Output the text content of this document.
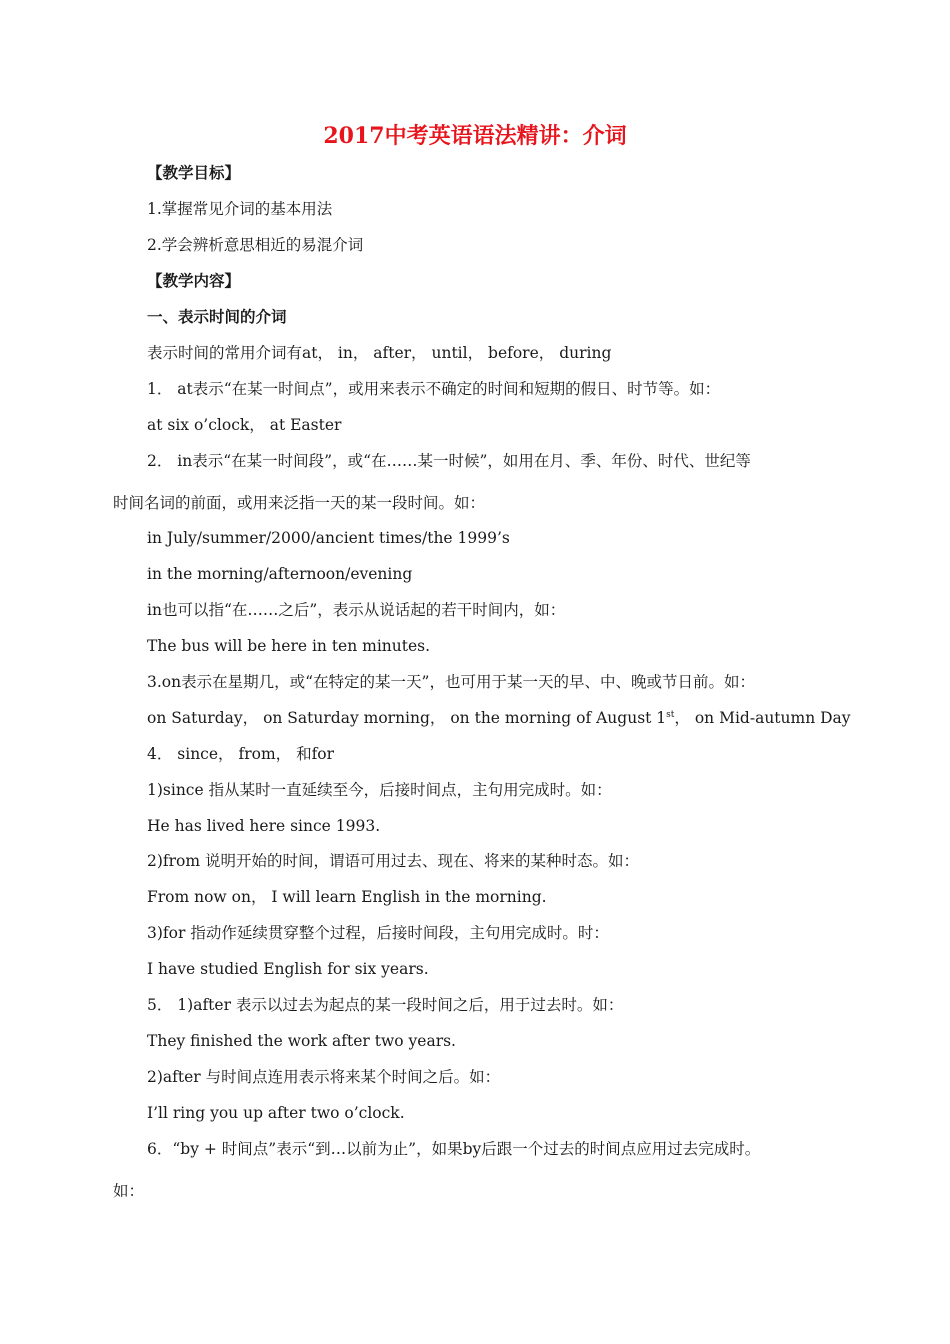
2017中考英语语法精讲：介词
【教学目标】
1.掌握常见介词的基本用法
2.学会辨析意思相近的易混介词
【教学内容】
一、表示时间的介词
表示时间的常用介词有at， in， after， until， before， during
1． at表示“在某一时间点”，或用来表示不确定的时间和短期的假日、时节等。如：
at six o’clock， at Easter
2． in表示“在某一时间段”，或“在……某一时候”，如用在月、季、年份、时代、世纪等
时间名词的前面，或用来泛指一天的某一段时间。如：
in July/summer/2000/ancient times/the 1999’s
in the morning/afternoon/evening
in也可以指“在……之后”，表示从说话起的若干时间内，如：
The bus will be here in ten minutes.
3.on表示在星期几，或“在特定的某一天”，也可用于某一天的早、中、晚或节日前。如：
on Saturday， on Saturday morning， on the morning of August 1st， on Mid-autumn Day
4． since， from， 和for
1)since 指从某时一直延续至今，后接时间点，主句用完成时。如：
He has lived here since 1993.
2)from 说明开始的时间，谓语可用过去、现在、将来的某种时态。如：
From now on， I will learn English in the morning.
3)for 指动作延续贯穿整个过程，后接时间段，主句用完成时。时：
I have studied English for six years.
5． 1)after 表示以过去为起点的某一段时间之后，用于过去时。如：
They finished the work after two years.
2)after 与时间点连用表示将来某个时间之后。如：
I’ll ring you up after two o’clock.
6．“by + 时间点”表示“到…以前为止”，如果by后跟一个过去的时间点应用过去完成时。
如：
